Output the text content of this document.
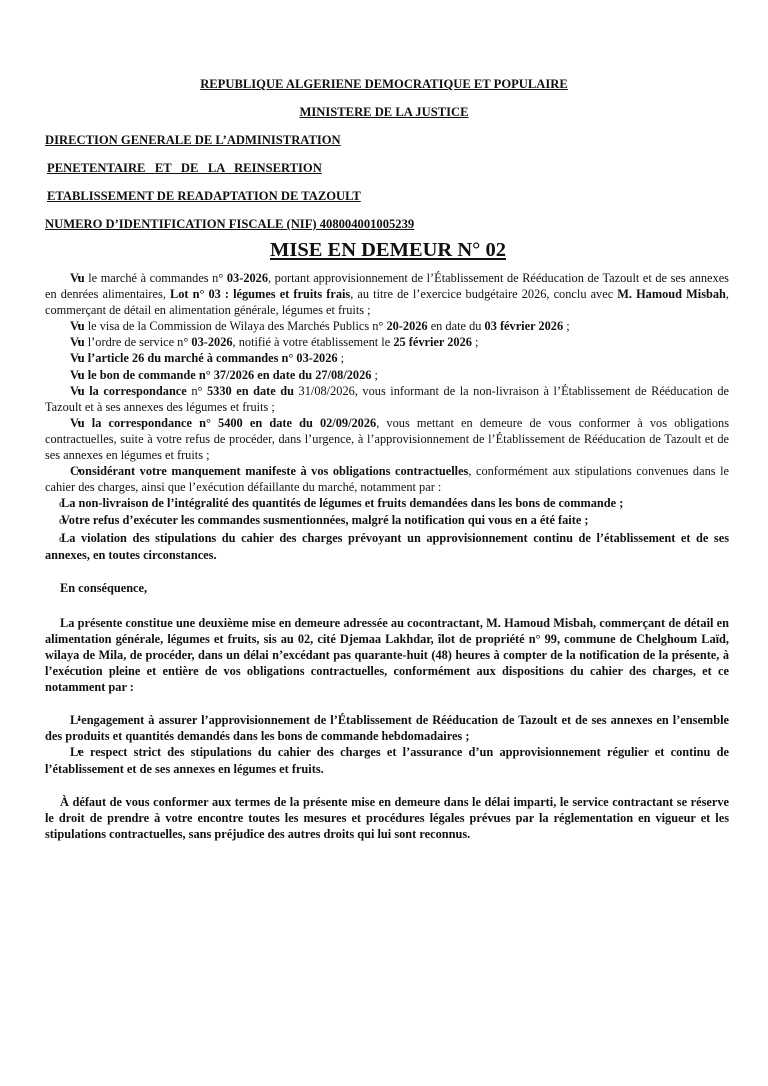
REPUBLIQUE ALGERIENE DEMOCRATIQUE ET POPULAIRE
MINISTERE DE LA JUSTICE
DIRECTION GENERALE DE L’ADMINISTRATION
PENETENTAIRE   ET   DE   LA   REINSERTION
ETABLISSEMENT DE READAPTATION DE TAZOULT
NUMERO D’IDENTIFICATION FISCALE (NIF) 408004001005239
MISE EN DEMEUR N° 02

• Vu le marché à commandes n° 03-2026, portant approvisionnement de l’Établissement de Rééducation de Tazoult et de ses annexes en denrées alimentaires, Lot n° 03 : légumes et fruits frais, au titre de l’exercice budgétaire 2026, conclu avec M. Hamoud Misbah, commerçant de détail en alimentation générale, légumes et fruits ;

• Vu le visa de la Commission de Wilaya des Marchés Publics n° 20-2026 en date du 03 février 2026 ;

• Vu l’ordre de service n° 03-2026, notifié à votre établissement le 25 février 2026 ;

• Vu l’article 26 du marché à commandes n° 03-2026 ;

• Vu le bon de commande n° 37/2026 en date du 27/08/2026 ;

• Vu la correspondance n° 5330 en date du 31/08/2026, vous informant de la non-livraison à l’Établissement de Rééducation de Tazoult et à ses annexes des légumes et fruits ;

• Vu la correspondance n° 5400 en date du 02/09/2026, vous mettant en demeure de vous conformer à vos obligations contractuelles, suite à votre refus de procéder, dans l’urgence, à l’approvisionnement de l’Établissement de Rééducation de Tazoult et de ses annexes en légumes et fruits ;

• Considérant votre manquement manifeste à vos obligations contractuelles, conformément aux stipulations convenues dans le cahier des charges, ainsi que l’exécution défaillante du marché, notamment par :

o La non-livraison de l’intégralité des quantités de légumes et fruits demandées dans les bons de commande ;

o Votre refus d’exécuter les commandes susmentionnées, malgré la notification qui vous en a été faite ;

o La violation des stipulations du cahier des charges prévoyant un approvisionnement continu de l’établissement et de ses annexes, en toutes circonstances.

En conséquence,

La présente constitue une deuxième mise en demeure adressée au cocontractant, M. Hamoud Misbah, commerçant de détail en alimentation générale, légumes et fruits, sis au 02, cité Djemaa Lakhdar, îlot de propriété n° 99, commune de Chelghoum Laïd, wilaya de Mila, de procéder, dans un délai n’excédant pas quarante-huit (48) heures à compter de la notification de la présente, à l’exécution pleine et entière de vos obligations contractuelles, conformément aux dispositions du cahier des charges, et ce notamment par :

• L’engagement à assurer l’approvisionnement de l’Établissement de Rééducation de Tazoult et de ses annexes en l’ensemble des produits et quantités demandés dans les bons de commande hebdomadaires ;

• Le respect strict des stipulations du cahier des charges et l’assurance d’un approvisionnement régulier et continu de l’établissement et de ses annexes en légumes et fruits.

À défaut de vous conformer aux termes de la présente mise en demeure dans le délai imparti, le service contractant se réserve le droit de prendre à votre encontre toutes les mesures et procédures légales prévues par la réglementation en vigueur et les stipulations contractuelles, sans préjudice des autres droits qui lui sont reconnus.
